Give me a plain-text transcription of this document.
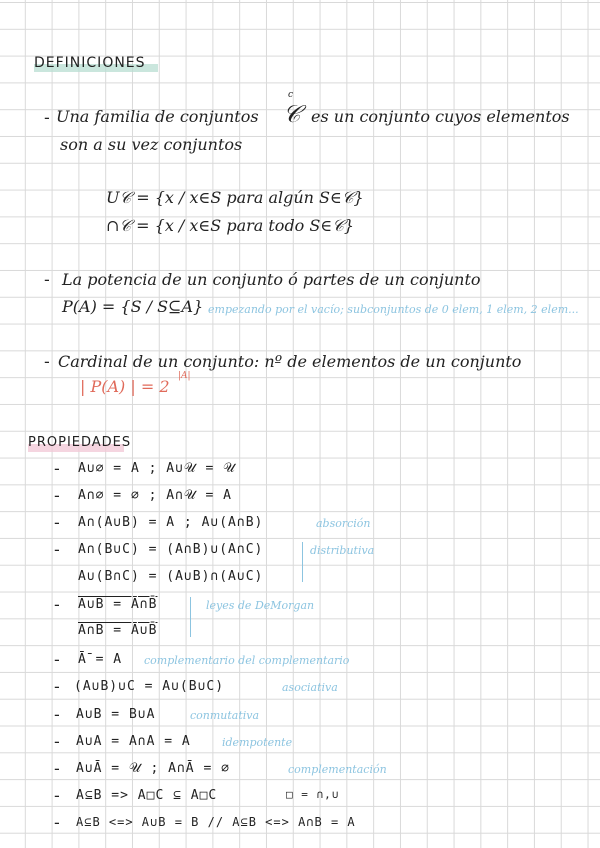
DEFINICIONES
- Una familia de conjuntos
c
𝒞 es un conjunto cuyos elementos
son a su vez conjuntos
U𝒞 = {x / x∈S para algún S∈𝒞}
∩𝒞 = {x / x∈S para todo S∈𝒞}
- La potencia de un conjunto ó partes de un conjunto
P(A) = {S / S⊆A} empezando por el vacío; subconjuntos de 0 elem, 1 elem, 2 elem...
- Cardinal de un conjunto: nº de elementos de un conjunto
| P(A) | = 2
|A|
PROPIEDADES
- A∪∅ = A ; A∪𝒰 = 𝒰
- A∩∅ = ∅ ; A∩𝒰 = A
- A∩(A∪B) = A ; A∪(A∩B)	absorción
- A∩(B∪C) = (A∩B)∪(A∩C)	distributiva
A∪(B∩C) = (A∪B)∩(A∪C)
- A∪B = Ā∩B̄	leyes de DeMorgan
A∩B = Ā∪B̄
- Ā̄ = A complementario del complementario
- (A∪B)∪C = A∪(B∪C)	asociativa
- A∪B = B∪A	conmutativa
- A∪A = A∩A = A	idempotente
- A∪Ā = 𝒰 ; A∩Ā = ∅	complementación
- A⊆B => A□C ⊆ A□C	□ = ∩,∪
- A⊆B <=> A∪B = B // A⊆B <=> A∩B = A
